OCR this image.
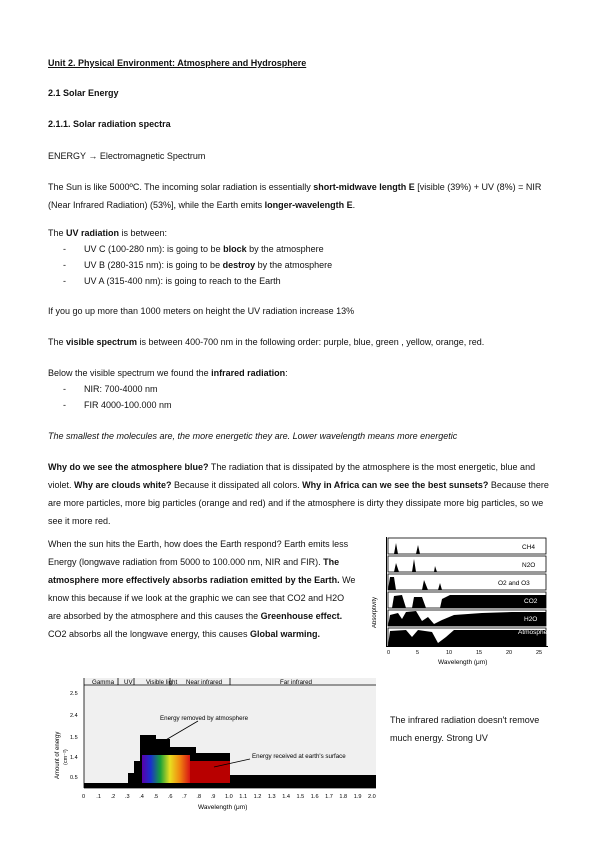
Unit 2. Physical Environment: Atmosphere and Hydrosphere
2.1 Solar Energy
2.1.1. Solar radiation spectra
ENERGY → Electromagnetic Spectrum
The Sun is like 5000ºC. The incoming solar radiation is essentially short-midwave length E [visible (39%) + UV (8%) = NIR (Near Infrared Radiation) (53%], while the Earth emits longer-wavelength E.
The UV radiation is between:
- UV C (100-280 nm): is going to be block by the atmosphere
- UV B (280-315 nm): is going to be destroy by the atmosphere
- UV A (315-400 nm): is going to reach to the Earth
If you go up more than 1000 meters on height the UV radiation increase 13%
The visible spectrum is between 400-700 nm in the following order: purple, blue, green , yellow, orange, red.
Below the visible spectrum we found the infrared radiation:
- NIR: 700-4000 nm
- FIR 4000-100.000 nm
The smallest the molecules are, the more energetic they are. Lower wavelength means more energetic
Why do we see the atmosphere blue? The radiation that is dissipated by the atmosphere is the most energetic, blue and violet. Why are clouds white? Because it dissipated all colors. Why in Africa can we see the best sunsets? Because there are more particles, more big particles (orange and red) and if the atmosphere is dirty they dissipate more big particles, so we see it more red.
When the sun hits the Earth, how does the Earth respond? Earth emits less Energy (longwave radiation from 5000 to 100.000 nm, NIR and FIR). The atmosphere more effectively absorbs radiation emitted by the Earth. We know this because if we look at the graphic we can see that CO2 and H2O are absorbed by the atmosphere and this causes the Greenhouse effect. CO2 absorbs all the longwave energy, this causes Global warming.	Atmosphere
CH4
N2O
O2 and O3
CO2
H2O
Absorptivity
0	5	10	15	20	25
Wavelength (μm)
Gamma UV Visible light Near infrared	Far infrared
Energy removed by atmosphere
Energy received at earth's surface
Amount of energy (cm⁻²)
2.5
2.4
1.5
1.4
0.5
0 .1 .2 .3 .4 .5 .6 .7 .8 .9 1.0 1.1 1.2 1.3 1.4 1.5 1.6 1.7 1.8 1.9 2.0
Wavelength (μm)
The infrared radiation doesn't remove much energy. Strong UV
